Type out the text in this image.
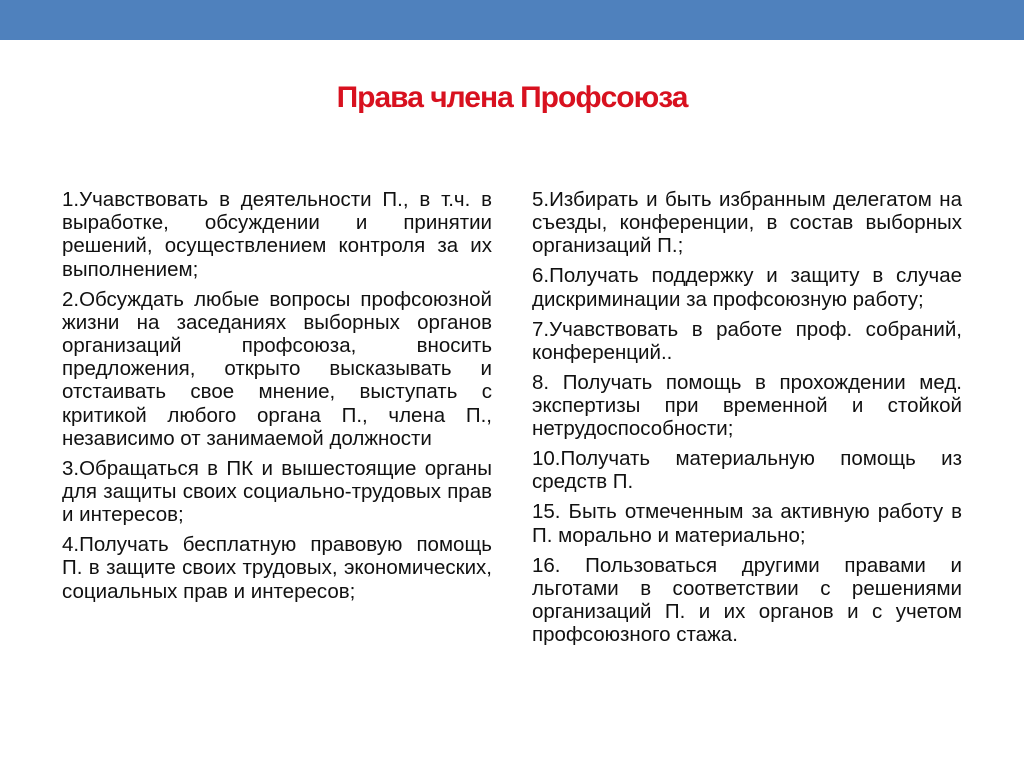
Права члена Профсоюза

1.Учавствовать в деятельности П., в т.ч. в выработке, обсуждении и принятии решений, осуществлением контроля за их выполнением;

2.Обсуждать любые вопросы профсоюзной жизни на заседаниях выборных органов организаций профсоюза, вносить предложения, открыто высказывать и отстаивать свое мнение, выступать с критикой любого органа П., члена П., независимо от занимаемой должности

3.Обращаться в ПК и вышестоящие органы для защиты своих социально-трудовых прав и интересов;

4.Получать бесплатную правовую помощь П. в защите своих трудовых, экономических, социальных прав и интересов;

5.Избирать и быть избранным делегатом на съезды, конференции, в состав выборных организаций П.;

6.Получать поддержку и защиту в случае дискриминации за профсоюзную работу;

7.Учавствовать в работе проф. собраний, конференций..

8. Получать помощь в прохождении мед. экспертизы при временной и стойкой нетрудоспособности;

10.Получать материальную помощь из средств П.

15. Быть отмеченным за активную работу в П. морально и материально;

16. Пользоваться другими правами и льготами в соответствии с решениями организаций П. и их органов и с учетом профсоюзного стажа.
